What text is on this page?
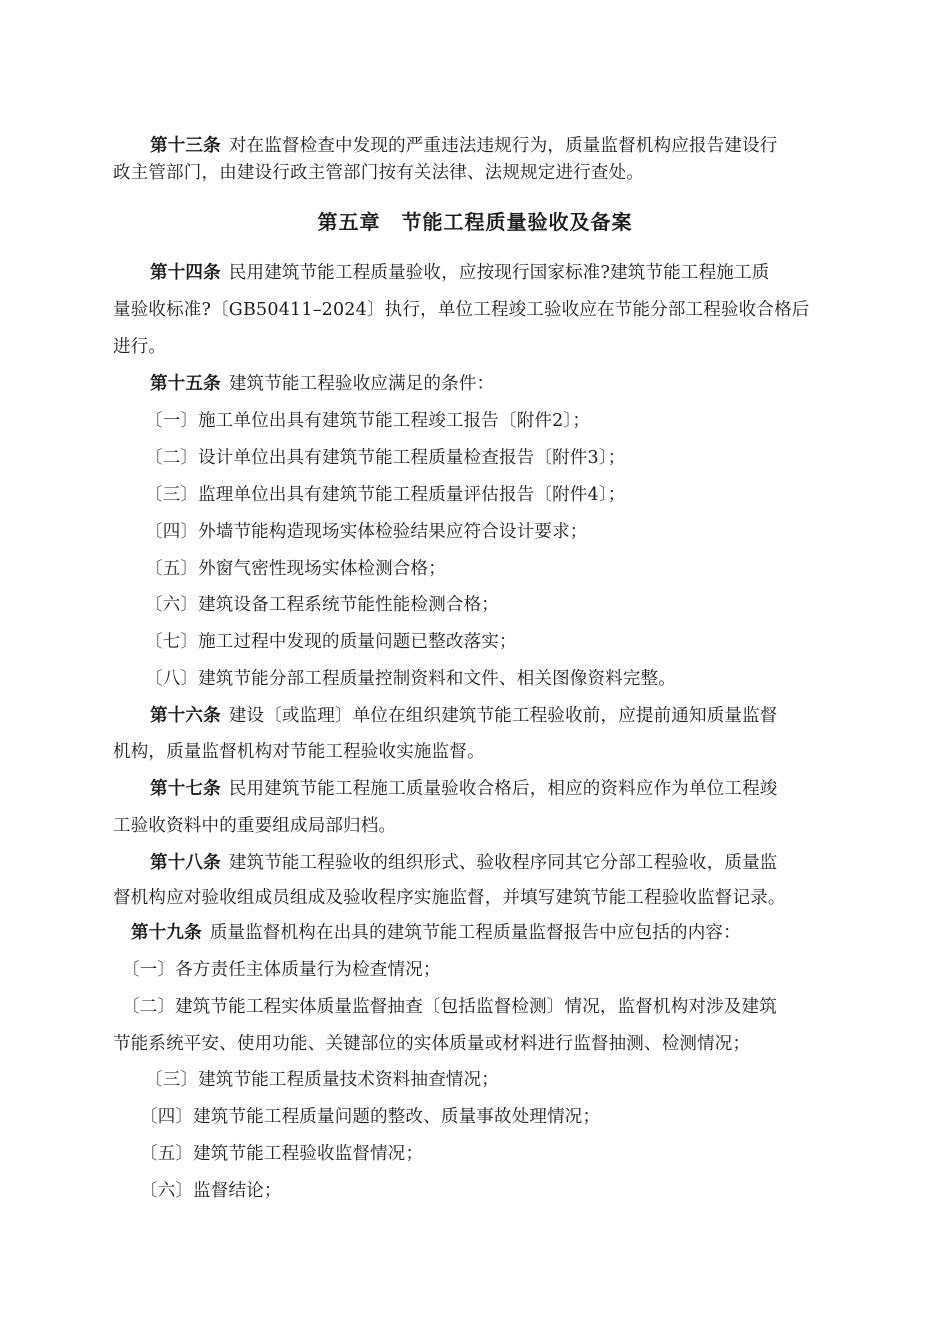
第十三条 对在监督检查中发现的严重违法违规行为，质量监督机构应报告建设行
政主管部门，由建设行政主管部门按有关法律、法规规定进行查处。
第五章　节能工程质量验收及备案
第十四条 民用建筑节能工程质量验收，应按现行国家标准?建筑节能工程施工质
量验收标准?〔GB50411–2024〕执行，单位工程竣工验收应在节能分部工程验收合格后
进行。
第十五条 建筑节能工程验收应满足的条件：
〔一〕施工单位出具有建筑节能工程竣工报告〔附件2〕；
〔二〕设计单位出具有建筑节能工程质量检查报告〔附件3〕；
〔三〕监理单位出具有建筑节能工程质量评估报告〔附件4〕；
〔四〕外墙节能构造现场实体检验结果应符合设计要求；
〔五〕外窗气密性现场实体检测合格；
〔六〕建筑设备工程系统节能性能检测合格；
〔七〕施工过程中发现的质量问题已整改落实；
〔八〕建筑节能分部工程质量控制资料和文件、相关图像资料完整。
第十六条 建设〔或监理〕单位在组织建筑节能工程验收前，应提前通知质量监督
机构，质量监督机构对节能工程验收实施监督。
第十七条 民用建筑节能工程施工质量验收合格后，相应的资料应作为单位工程竣
工验收资料中的重要组成局部归档。
第十八条 建筑节能工程验收的组织形式、验收程序同其它分部工程验收，质量监
督机构应对验收组成员组成及验收程序实施监督，并填写建筑节能工程验收监督记录。
第十九条 质量监督机构在出具的建筑节能工程质量监督报告中应包括的内容：
〔一〕各方责任主体质量行为检查情况；
〔二〕建筑节能工程实体质量监督抽查〔包括监督检测〕情况，监督机构对涉及建筑
节能系统平安、使用功能、关键部位的实体质量或材料进行监督抽测、检测情况；
〔三〕建筑节能工程质量技术资料抽查情况；
〔四〕建筑节能工程质量问题的整改、质量事故处理情况；
〔五〕建筑节能工程验收监督情况；
〔六〕监督结论；
